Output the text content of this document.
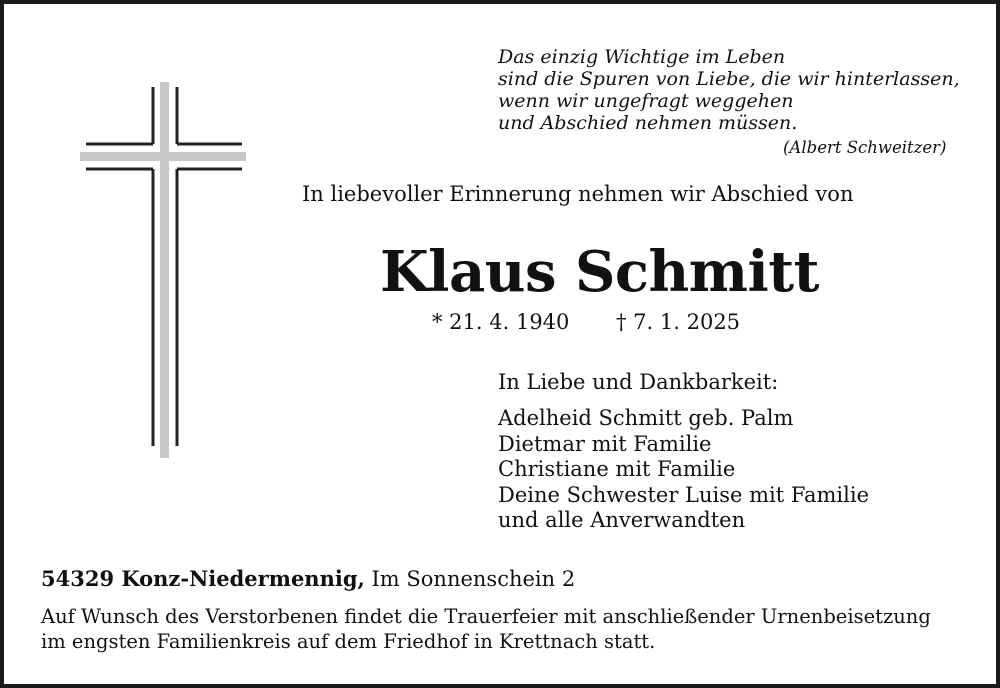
Das einzig Wichtige im Leben
sind die Spuren von Liebe, die wir hinterlassen,
wenn wir ungefragt weggehen
und Abschied nehmen müssen.
(Albert Schweitzer)
In liebevoller Erinnerung nehmen wir Abschied von
Klaus Schmitt
* 21. 4. 1940 † 7. 1. 2025
In Liebe und Dankbarkeit:
Adelheid Schmitt geb. Palm
Dietmar mit Familie
Christiane mit Familie
Deine Schwester Luise mit Familie
und alle Anverwandten
54329 Konz-Niedermennig, Im Sonnenschein 2
Auf Wunsch des Verstorbenen findet die Trauerfeier mit anschließender Urnenbeisetzung
im engsten Familienkreis auf dem Friedhof in Krettnach statt.
